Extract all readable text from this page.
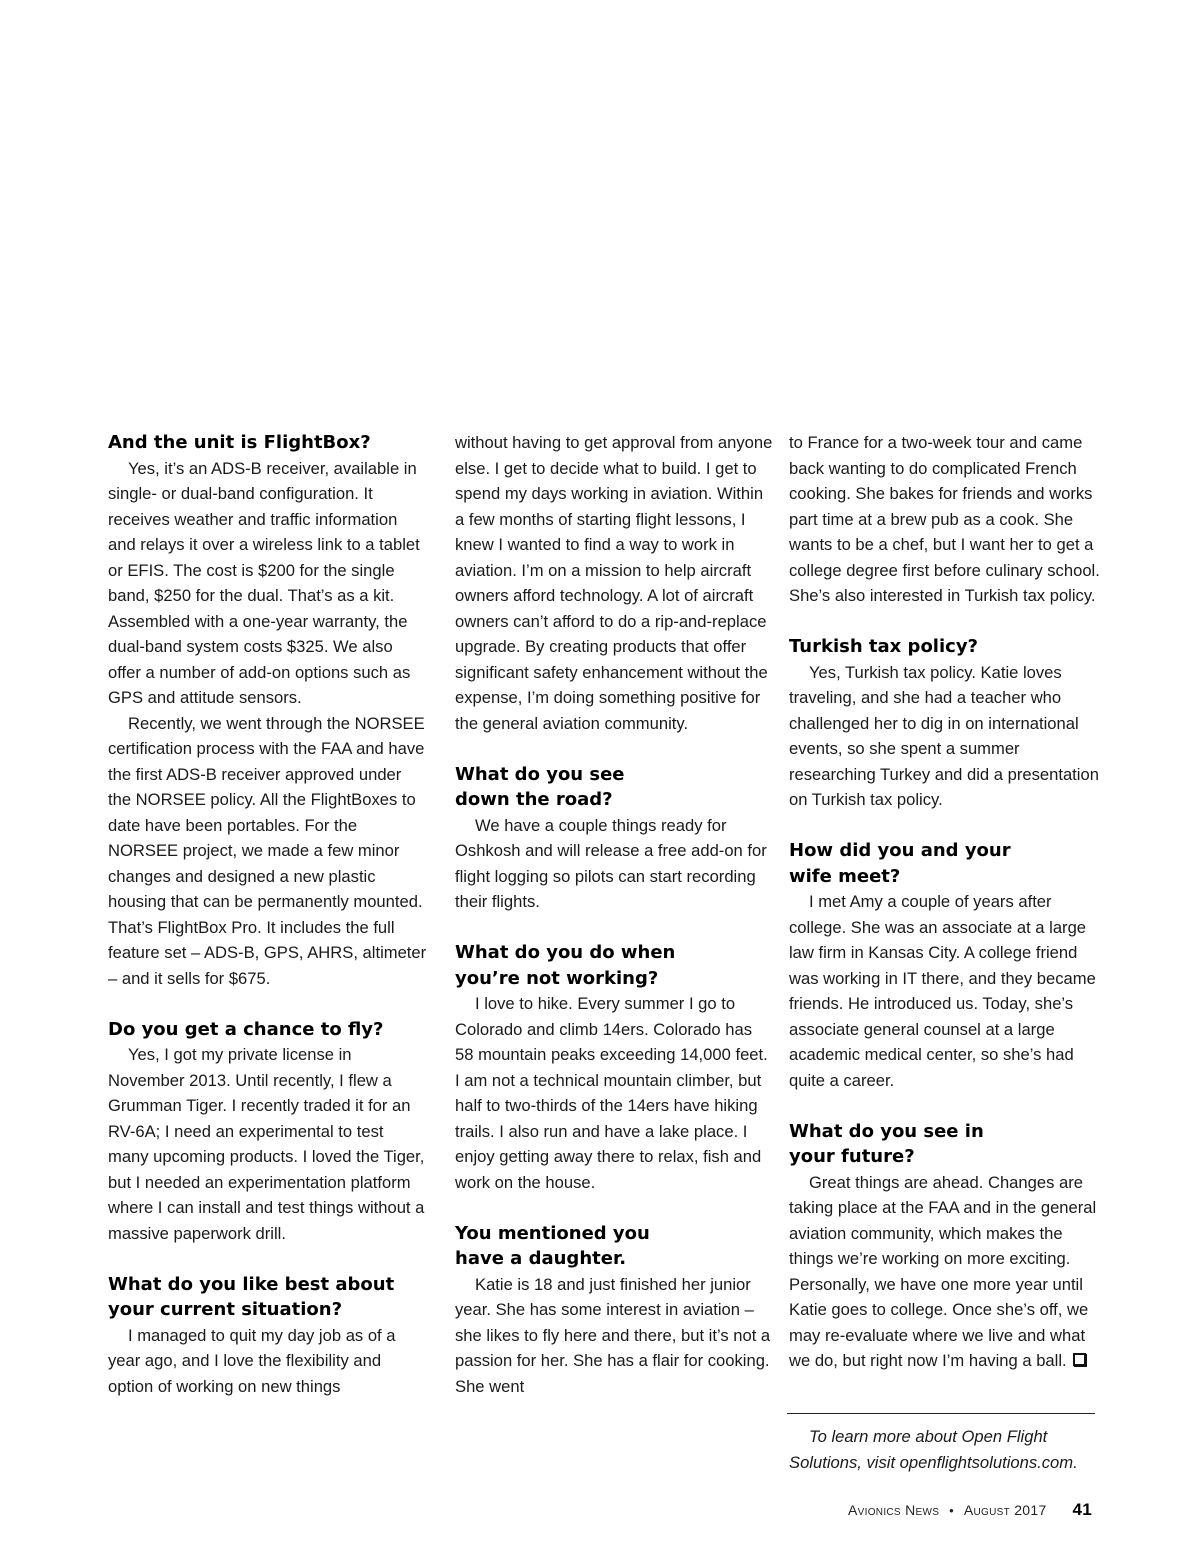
And the unit is FlightBox?

Yes, it’s an ADS-B receiver, available in single- or dual-band configuration. It receives weather and traffic information and relays it over a wireless link to a tablet or EFIS. The cost is $200 for the single band, $250 for the dual. That’s as a kit. Assembled with a one-year warranty, the dual-band system costs $325. We also offer a number of add-on options such as GPS and attitude sensors.

Recently, we went through the NORSEE certification process with the FAA and have the first ADS-B receiver approved under the NORSEE policy. All the FlightBoxes to date have been portables. For the NORSEE project, we made a few minor changes and designed a new plastic housing that can be permanently mounted. That’s FlightBox Pro. It includes the full feature set – ADS-B, GPS, AHRS, altimeter – and it sells for $675.

Do you get a chance to fly?

Yes, I got my private license in November 2013. Until recently, I flew a Grumman Tiger. I recently traded it for an RV-6A; I need an experimental to test many upcoming products. I loved the Tiger, but I needed an experimentation platform where I can install and test things without a massive paperwork drill.

What do you like best about
your current situation?

I managed to quit my day job as of a year ago, and I love the flexibility and option of working on new things

without having to get approval from anyone else. I get to decide what to build. I get to spend my days working in aviation. Within a few months of starting flight lessons, I knew I wanted to find a way to work in aviation. I’m on a mission to help aircraft owners afford technology. A lot of aircraft owners can’t afford to do a rip-and-replace upgrade. By creating products that offer significant safety enhancement without the expense, I’m doing something positive for the general aviation community.

What do you see
down the road?

We have a couple things ready for Oshkosh and will release a free add-on for flight logging so pilots can start recording their flights.

What do you do when
you’re not working?

I love to hike. Every summer I go to Colorado and climb 14ers. Colorado has 58 mountain peaks exceeding 14,000 feet. I am not a technical mountain climber, but half to two-thirds of the 14ers have hiking trails. I also run and have a lake place. I enjoy getting away there to relax, fish and work on the house.

You mentioned you
have a daughter.

Katie is 18 and just finished her junior year. She has some interest in aviation – she likes to fly here and there, but it’s not a passion for her. She has a flair for cooking. She went

to France for a two-week tour and came back wanting to do complicated French cooking. She bakes for friends and works part time at a brew pub as a cook. She wants to be a chef, but I want her to get a college degree first before culinary school. She’s also interested in Turkish tax policy.

Turkish tax policy?

Yes, Turkish tax policy. Katie loves traveling, and she had a teacher who challenged her to dig in on international events, so she spent a summer researching Turkey and did a presentation on Turkish tax policy.

How did you and your
wife meet?

I met Amy a couple of years after college. She was an associate at a large law firm in Kansas City. A college friend was working in IT there, and they became friends. He introduced us. Today, she’s associate general counsel at a large academic medical center, so she’s had quite a career.

What do you see in
your future?

Great things are ahead. Changes are taking place at the FAA and in the general aviation community, which makes the things we’re working on more exciting. Personally, we have one more year until Katie goes to college. Once she’s off, we may re-evaluate where we live and what we do, but right now I’m having a ball.

To learn more about Open Flight

Solutions, visit openflightsolutions.com.

Avionics News • August 2017 41
